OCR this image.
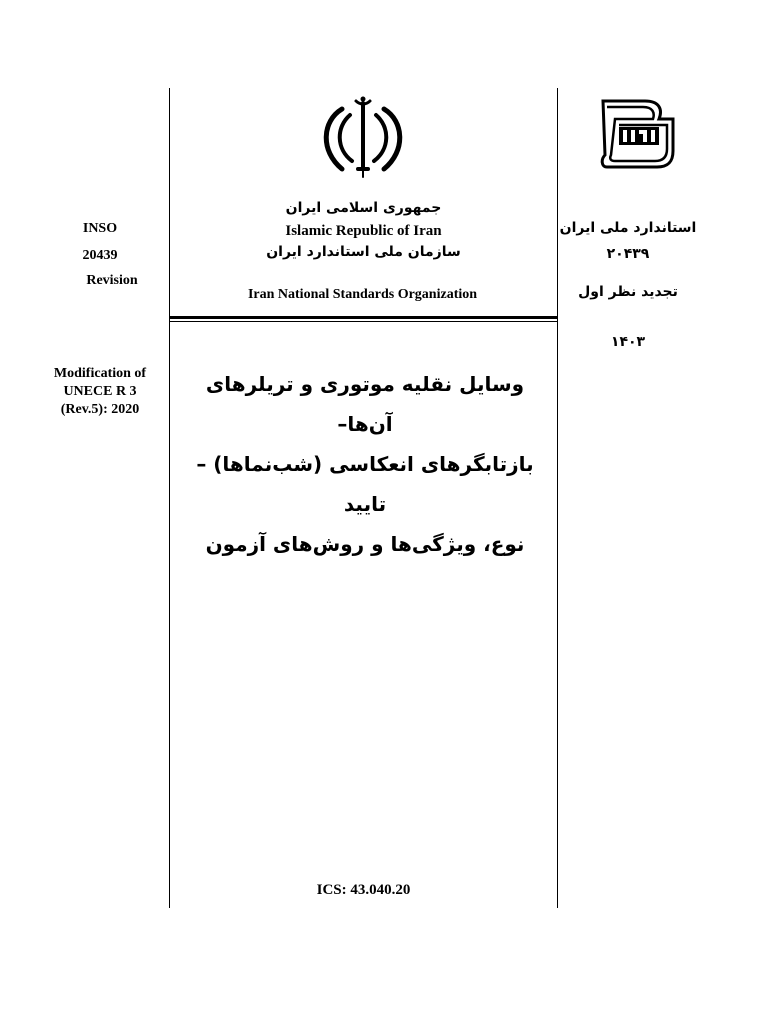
INSO
20439
Revision
Modification of
UNECE R 3
(Rev.5): 2020
جمهوری اسلامی ایران
Islamic Republic of Iran
سازمان ملی استاندارد ایران
Iran National Standards Organization
استاندارد ملی ایران
۲۰۴۳۹
تجدید نظر اول
۱۴۰۳
وسایل نقلیه موتوری و تریلرهای آن‌ها–
بازتابگرهای انعکاسی (شب‌نماها) – تایید
نوع، ویژگی‌ها و روش‌های آزمون
ICS: 43.040.20
